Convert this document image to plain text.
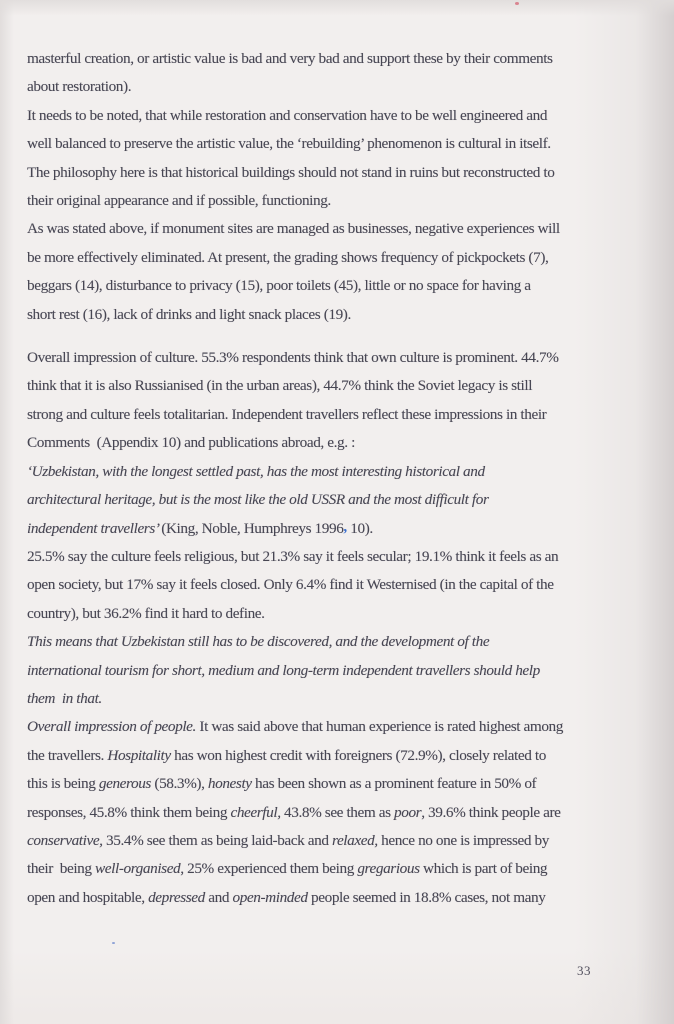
masterful creation, or artistic value is bad and very bad and support these by their comments
about restoration).
It needs to be noted, that while restoration and conservation have to be well engineered and
well balanced to preserve the artistic value, the ‘rebuilding’ phenomenon is cultural in itself.
The philosophy here is that historical buildings should not stand in ruins but reconstructed to
their original appearance and if possible, functioning.
As was stated above, if monument sites are managed as businesses, negative experiences will
be more effectively eliminated. At present, the grading shows frequency of pickpockets (7),
beggars (14), disturbance to privacy (15), poor toilets (45), little or no space for having a
short rest (16), lack of drinks and light snack places (19).
Overall impression of culture. 55.3% respondents think that own culture is prominent. 44.7%
think that it is also Russianised (in the urban areas), 44.7% think the Soviet legacy is still
strong and culture feels totalitarian. Independent travellers reflect these impressions in their
Comments  (Appendix 10) and publications abroad, e.g. :
‘Uzbekistan, with the longest settled past, has the most interesting historical and
architectural heritage, but is the most like the old USSR and the most difficult for
independent travellers’ (King, Noble, Humphreys 1996, 10).
25.5% say the culture feels religious, but 21.3% say it feels secular; 19.1% think it feels as an
open society, but 17% say it feels closed. Only 6.4% find it Westernised (in the capital of the
country), but 36.2% find it hard to define.
This means that Uzbekistan still has to be discovered, and the development of the
international tourism for short, medium and long-term independent travellers should help
them  in that.
Overall impression of people. It was said above that human experience is rated highest among
the travellers. Hospitality has won highest credit with foreigners (72.9%), closely related to
this is being generous (58.3%), honesty has been shown as a prominent feature in 50% of
responses, 45.8% think them being cheerful, 43.8% see them as poor, 39.6% think people are
conservative, 35.4% see them as being laid-back and relaxed, hence no one is impressed by
their  being well-organised, 25% experienced them being gregarious which is part of being
open and hospitable, depressed and open-minded people seemed in 18.8% cases, not many
33
